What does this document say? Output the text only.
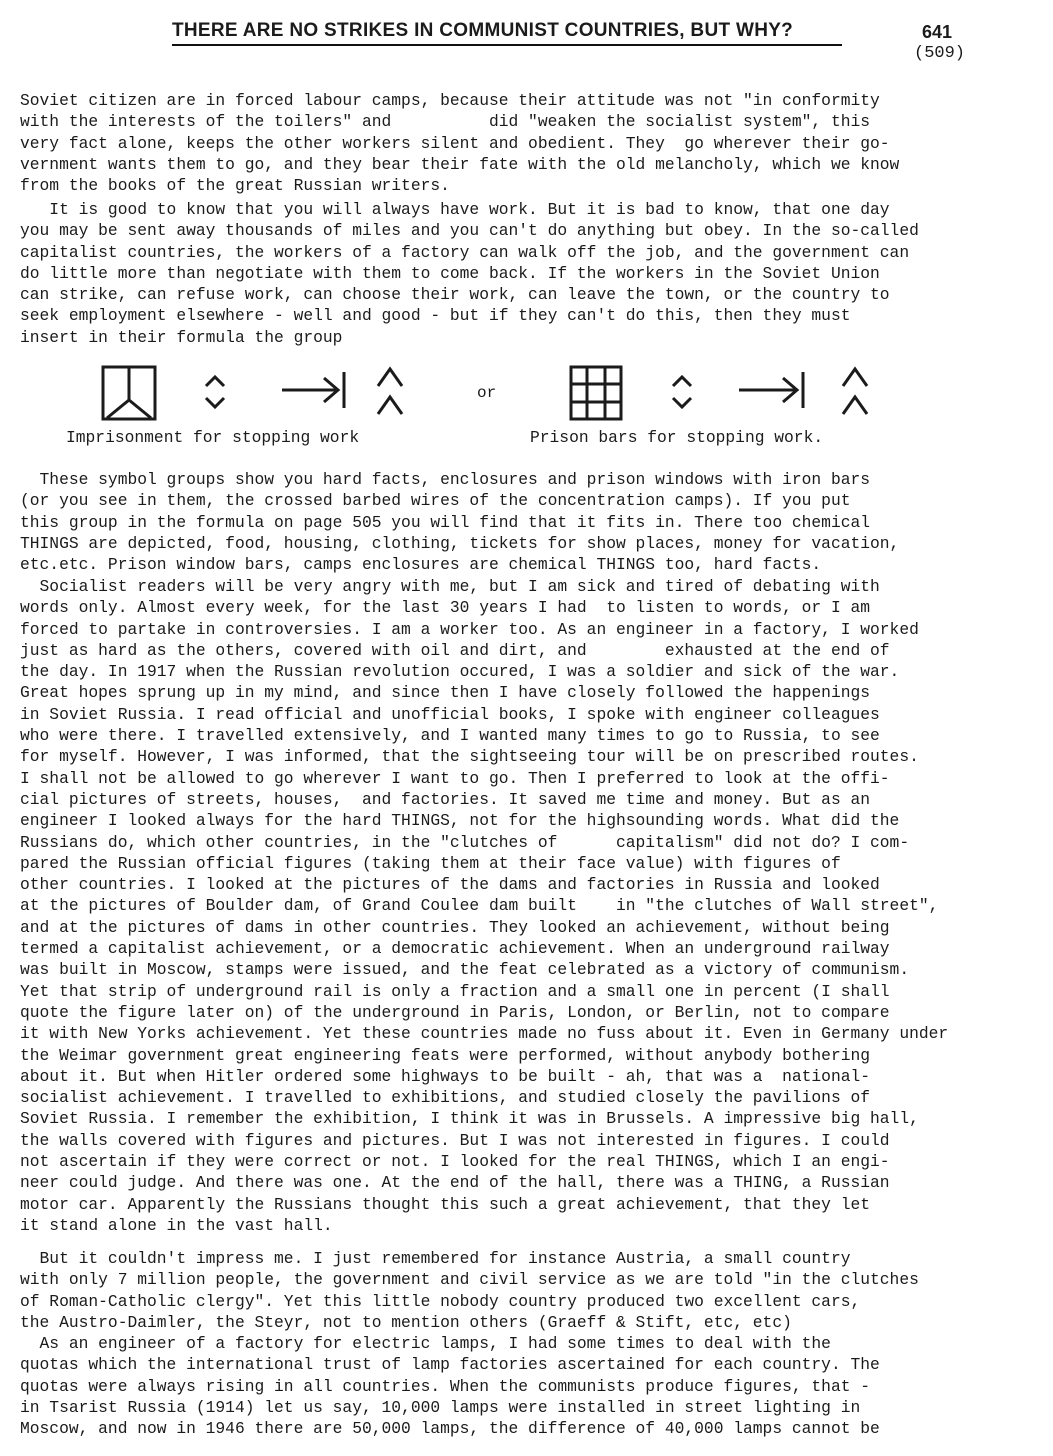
THERE ARE NO STRIKES IN COMMUNIST COUNTRIES, BUT WHY?	641
(509)
Soviet citizen are in forced labour camps, because their attitude was not "in conformity
with the interests of the toilers" and          did "weaken the socialist system", this
very fact alone, keeps the other workers silent and obedient. They  go wherever their go-
vernment wants them to go, and they bear their fate with the old melancholy, which we know
from the books of the great Russian writers.
It is good to know that you will always have work. But it is bad to know, that one day
you may be sent away thousands of miles and you can't do anything but obey. In the so-called
capitalist countries, the workers of a factory can walk off the job, and the government can
do little more than negotiate with them to come back. If the workers in the Soviet Union
can strike, can refuse work, can choose their work, can leave the town, or the country to
seek employment elsewhere - well and good - but if they can't do this, then they must
insert in their formula the group
or
Imprisonment for stopping work	Prison bars for stopping work.
These symbol groups show you hard facts, enclosures and prison windows with iron bars
(or you see in them, the crossed barbed wires of the concentration camps). If you put
this group in the formula on page 505 you will find that it fits in. There too chemical
THINGS are depicted, food, housing, clothing, tickets for show places, money for vacation,
etc.etc. Prison window bars, camps enclosures are chemical THINGS too, hard facts.
Socialist readers will be very angry with me, but I am sick and tired of debating with
words only. Almost every week, for the last 30 years I had  to listen to words, or I am
forced to partake in controversies. I am a worker too. As an engineer in a factory, I worked
just as hard as the others, covered with oil and dirt, and        exhausted at the end of
the day. In 1917 when the Russian revolution occured, I was a soldier and sick of the war.
Great hopes sprung up in my mind, and since then I have closely followed the happenings
in Soviet Russia. I read official and unofficial books, I spoke with engineer colleagues
who were there. I travelled extensively, and I wanted many times to go to Russia, to see
for myself. However, I was informed, that the sightseeing tour will be on prescribed routes.
I shall not be allowed to go wherever I want to go. Then I preferred to look at the offi-
cial pictures of streets, houses,  and factories. It saved me time and money. But as an
engineer I looked always for the hard THINGS, not for the highsounding words. What did the
Russians do, which other countries, in the "clutches of      capitalism" did not do? I com-
pared the Russian official figures (taking them at their face value) with figures of
other countries. I looked at the pictures of the dams and factories in Russia and looked
at the pictures of Boulder dam, of Grand Coulee dam built    in "the clutches of Wall street",
and at the pictures of dams in other countries. They looked an achievement, without being
termed a capitalist achievement, or a democratic achievement. When an underground railway
was built in Moscow, stamps were issued, and the feat celebrated as a victory of communism.
Yet that strip of underground rail is only a fraction and a small one in percent (I shall
quote the figure later on) of the underground in Paris, London, or Berlin, not to compare
it with New Yorks achievement. Yet these countries made no fuss about it. Even in Germany under
the Weimar government great engineering feats were performed, without anybody bothering
about it. But when Hitler ordered some highways to be built - ah, that was a  national-
socialist achievement. I travelled to exhibitions, and studied closely the pavilions of
Soviet Russia. I remember the exhibition, I think it was in Brussels. A impressive big hall,
the walls covered with figures and pictures. But I was not interested in figures. I could
not ascertain if they were correct or not. I looked for the real THINGS, which I an engi-
neer could judge. And there was one. At the end of the hall, there was a THING, a Russian
motor car. Apparently the Russians thought this such a great achievement, that they let
it stand alone in the vast hall.
But it couldn't impress me. I just remembered for instance Austria, a small country
with only 7 million people, the government and civil service as we are told "in the clutches
of Roman-Catholic clergy". Yet this little nobody country produced two excellent cars,
the Austro-Daimler, the Steyr, not to mention others (Graeff & Stift, etc, etc)
As an engineer of a factory for electric lamps, I had some times to deal with the
quotas which the international trust of lamp factories ascertained for each country. The
quotas were always rising in all countries. When the communists produce figures, that -
in Tsarist Russia (1914) let us say, 10,000 lamps were installed in street lighting in
Moscow, and now in 1946 there are 50,000 lamps, the difference of 40,000 lamps cannot be
